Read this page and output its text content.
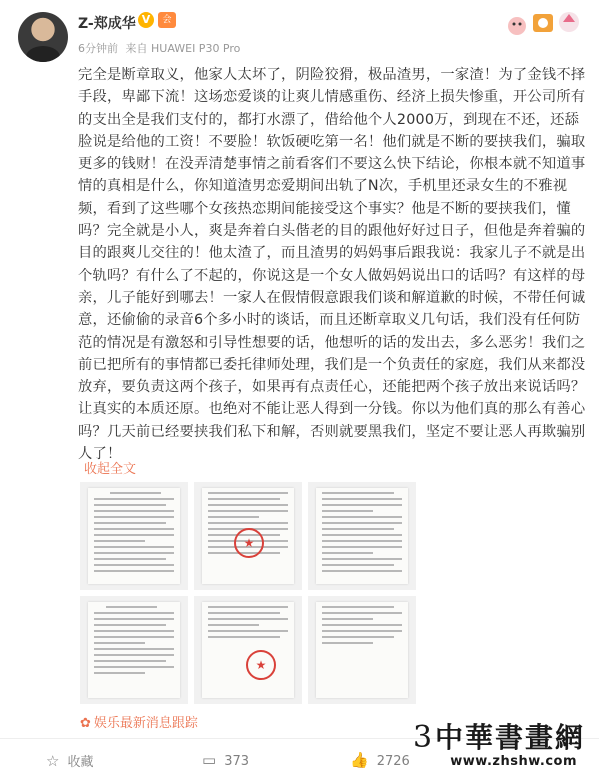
Z-郑成华 V	会
6分钟前 来自 HUAWEI P30 Pro
完全是断章取义，他家人太坏了，阴险狡猾，极品渣男，一家渣！为了金钱不择手段，卑鄙下流！这场恋爱谈的让爽儿情感重伤、经济上损失惨重，开公司所有的支出全是我们支付的，都打水漂了，借给他个人2000万，到现在不还，还舔脸说是给他的工资！不要脸！软饭硬吃第一名！他们就是不断的要挟我们，骗取更多的钱财！在没弄清楚事情之前看客们不要这么快下结论，你根本就不知道事情的真相是什么，你知道渣男恋爱期间出轨了N次，手机里还录女生的不雅视频，看到了这些哪个女孩热恋期间能接受这个事实？他是不断的要挟我们，懂吗？完全就是小人，爽是奔着白头偕老的目的跟他好好过日子，但他是奔着骗的目的跟爽儿交往的！他太渣了，而且渣男的妈妈事后跟我说：我家儿子不就是出个轨吗？有什么了不起的，你说这是一个女人做妈妈说出口的话吗？有这样的母亲，儿子能好到哪去！一家人在假情假意跟我们谈和解道歉的时候，不带任何诚意，还偷偷的录音6个多小时的谈话，而且还断章取义几句话，我们没有任何防范的情况是有激怒和引导性想要的话，他想听的话的发出去，多么恶劣！我们之前已把所有的事情都已委托律师处理，我们是一个负责任的家庭，我们从来都没放弃，要负责这两个孩子，如果再有点责任心，还能把两个孩子放出来说话吗？让真实的本质还原。也绝对不能让恶人得到一分钱。你以为他们真的那么有善心吗？几天前已经要挟我们私下和解，否则就要黑我们，坚定不要让恶人再欺骗别人了！
收起全文
★
★
✿ 娱乐最新消息跟踪
☆ 收藏	▭ 373	👍 2726
3 中華書畫網
www.zhshw.com
